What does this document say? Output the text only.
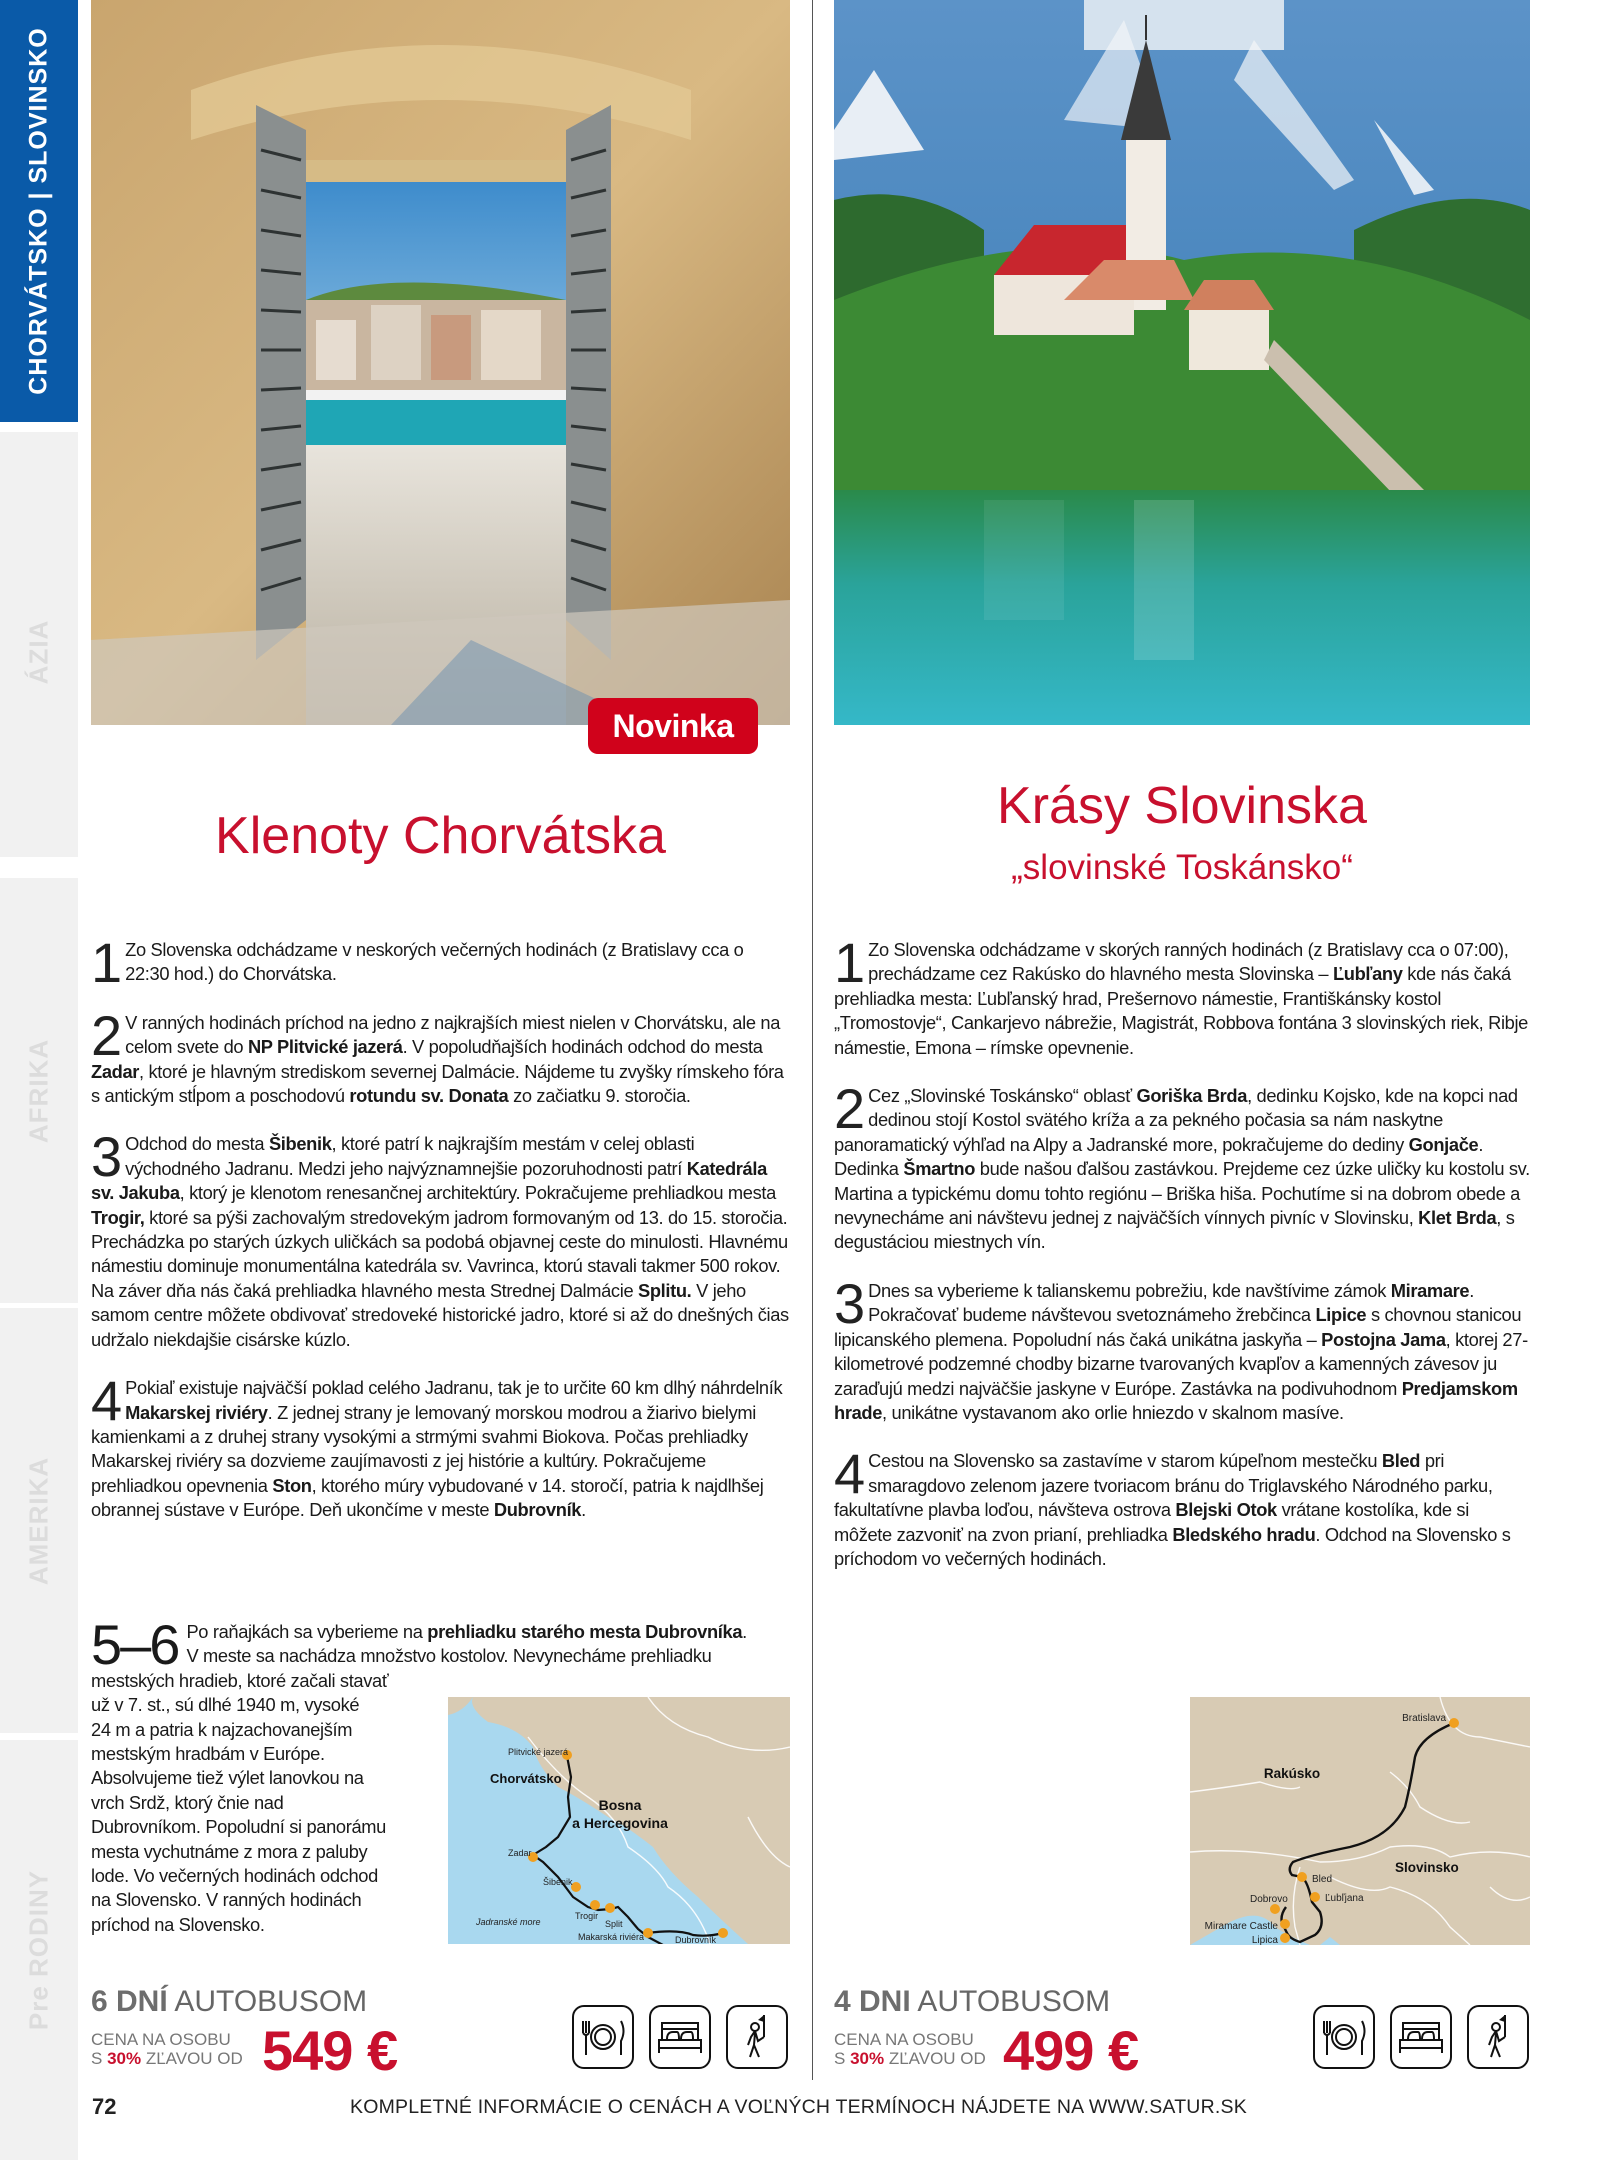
CHORVÁTSKO | SLOVINSKO
ÁZIA
AFRIKA
AMERIKA
Pre RODINY
Novinka
Klenoty Chorvátska
Krásy Slovinska
„slovinské Toskánsko“
1 Zo Slovenska odchádzame v neskorých večerných hodinách (z Bratislavy cca o 22:30 hod.) do Chorvátska.
2 V ranných hodinách príchod na jedno z najkrajších miest nielen v Chorvátsku, ale na celom svete do NP Plitvické jazerá. V popoludňajších hodinách odchod do mesta Zadar, ktoré je hlavným strediskom severnej Dalmácie. Nájdeme tu zvyšky rímskeho fóra s antickým stĺpom a poschodovú rotundu sv. Donata zo začiatku 9. storočia.
3 Odchod do mesta Šibenik, ktoré patrí k najkrajším mestám v celej oblasti východného Jadranu. Medzi jeho najvýznamnejšie pozoruhodnosti patrí Katedrála sv. Jakuba, ktorý je klenotom renesančnej architektúry. Pokračujeme prehliadkou mesta Trogir, ktoré sa pýši zachovalým stredovekým jadrom formovaným od 13. do 15. storočia. Prechádzka po starých úzkych uličkách sa podobá objavnej ceste do minulosti. Hlavnému námestiu dominuje monumentálna katedrála sv. Vavrinca, ktorú stavali takmer 500 rokov. Na záver dňa nás čaká prehliadka hlavného mesta Strednej Dalmácie Splitu. V jeho samom centre môžete obdivovať stredoveké historické jadro, ktoré si až do dnešných čias udržalo niekdajšie cisárske kúzlo.
4 Pokiaľ existuje najväčší poklad celého Jadranu, tak je to určite 60 km dlhý náhrdelník Makarskej riviéry. Z jednej strany je lemovaný morskou modrou a žiarivo bielymi kamienkami a z druhej strany vysokými a strmými svahmi Biokova. Počas prehliadky Makarskej riviéry sa dozvieme zaujímavosti z jej histórie a kultúry. Pokračujeme prehliadkou opevnenia Ston, ktorého múry vybudované v 14. storočí, patria k najdlhšej obrannej sústave v Európe. Deň ukončíme v meste Dubrovník.
5–6 Po raňajkách sa vyberieme na prehliadku starého mesta Dubrovníka.
V meste sa nachádza množstvo kostolov. Nevynecháme prehliadku
mestských hradieb, ktoré začali stavať
už v 7. st., sú dlhé 1940 m, vysoké
24 m a patria k najzachovanejším
mestským hradbám v Európe.
Absolvujeme tiež výlet lanovkou na
vrch Srdž, ktorý čnie nad
Dubrovníkom. Popoludní si panorámu
mesta vychutnáme z mora z paluby
lode. Vo večerných hodinách odchod
na Slovensko. V ranných hodinách
príchod na Slovensko.
Plitvické jazerá
Chorvátsko
Bosna
a Hercegovina
Zadar
Šibenik
Trogir
Split
Makarská riviéra
Jadranské more
Dubrovník
1 Zo Slovenska odchádzame v skorých ranných hodinách (z Bratislavy cca o 07:00), prechádzame cez Rakúsko do hlavného mesta Slovinska – Ľubľany kde nás čaká prehliadka mesta: Ľubľanský hrad, Prešernovo námestie, Františkánsky kostol „Tromostovje“, Cankarjevo nábrežie, Magistrát, Robbova fontána 3 slovinských riek, Ribje námestie, Emona – rímske opevnenie.
2 Cez „Slovinské Toskánsko“ oblasť Goriška Brda, dedinku Kojsko, kde na kopci nad dedinou stojí Kostol svätého kríža a za pekného počasia sa nám naskytne panoramatický výhľad na Alpy a Jadranské more, pokračujeme do dediny Gonjače. Dedinka Šmartno bude našou ďalšou zastávkou. Prejdeme cez úzke uličky ku kostolu sv. Martina a typickému domu tohto regiónu – Briška hiša. Pochutíme si na dobrom obede a nevynecháme ani návštevu jednej z najväčších vínnych pivníc v Slovinsku, Klet Brda, s degustáciou miestnych vín.
3 Dnes sa vyberieme k talianskemu pobrežiu, kde navštívime zámok Miramare. Pokračovať budeme návštevou svetoznámeho žrebčinca Lipice s chovnou stanicou lipicanského plemena. Popoludní nás čaká unikátna jaskyňa – Postojna Jama, ktorej 27-kilometrové podzemné chodby bizarne tvarovaných kvapľov a kamenných závesov ju zaraďujú medzi najväčšie jaskyne v Európe. Zastávka na podivuhodnom Predjamskom hrade, unikátne vystavanom ako orlie hniezdo v skalnom masíve.
4 Cestou na Slovensko sa zastavíme v starom kúpeľnom mestečku Bled pri smaragdovo zelenom jazere tvoriacom bránu do Triglavského Národného parku, fakultatívne plavba loďou, návšteva ostrova Blejski Otok vrátane kostolíka, kde si môžete zazvoniť na zvon prianí, prehliadka Bledského hradu. Odchod na Slovensko s príchodom vo večerných hodinách.
Bratislava
Rakúsko
Slovinsko
Bled
Ľubľjana
Dobrovo
Miramare Castle
Lipica
6 DNÍ AUTOBUSOM
CENA NA OSOBU
S 30% ZĽAVOU OD 549 €
4 DNI AUTOBUSOM
CENA NA OSOBU
S 30% ZĽAVOU OD 499 €
72	KOMPLETNÉ INFORMÁCIE O CENÁCH A VOĽNÝCH TERMÍNOCH NÁJDETE NA WWW.SATUR.SK
